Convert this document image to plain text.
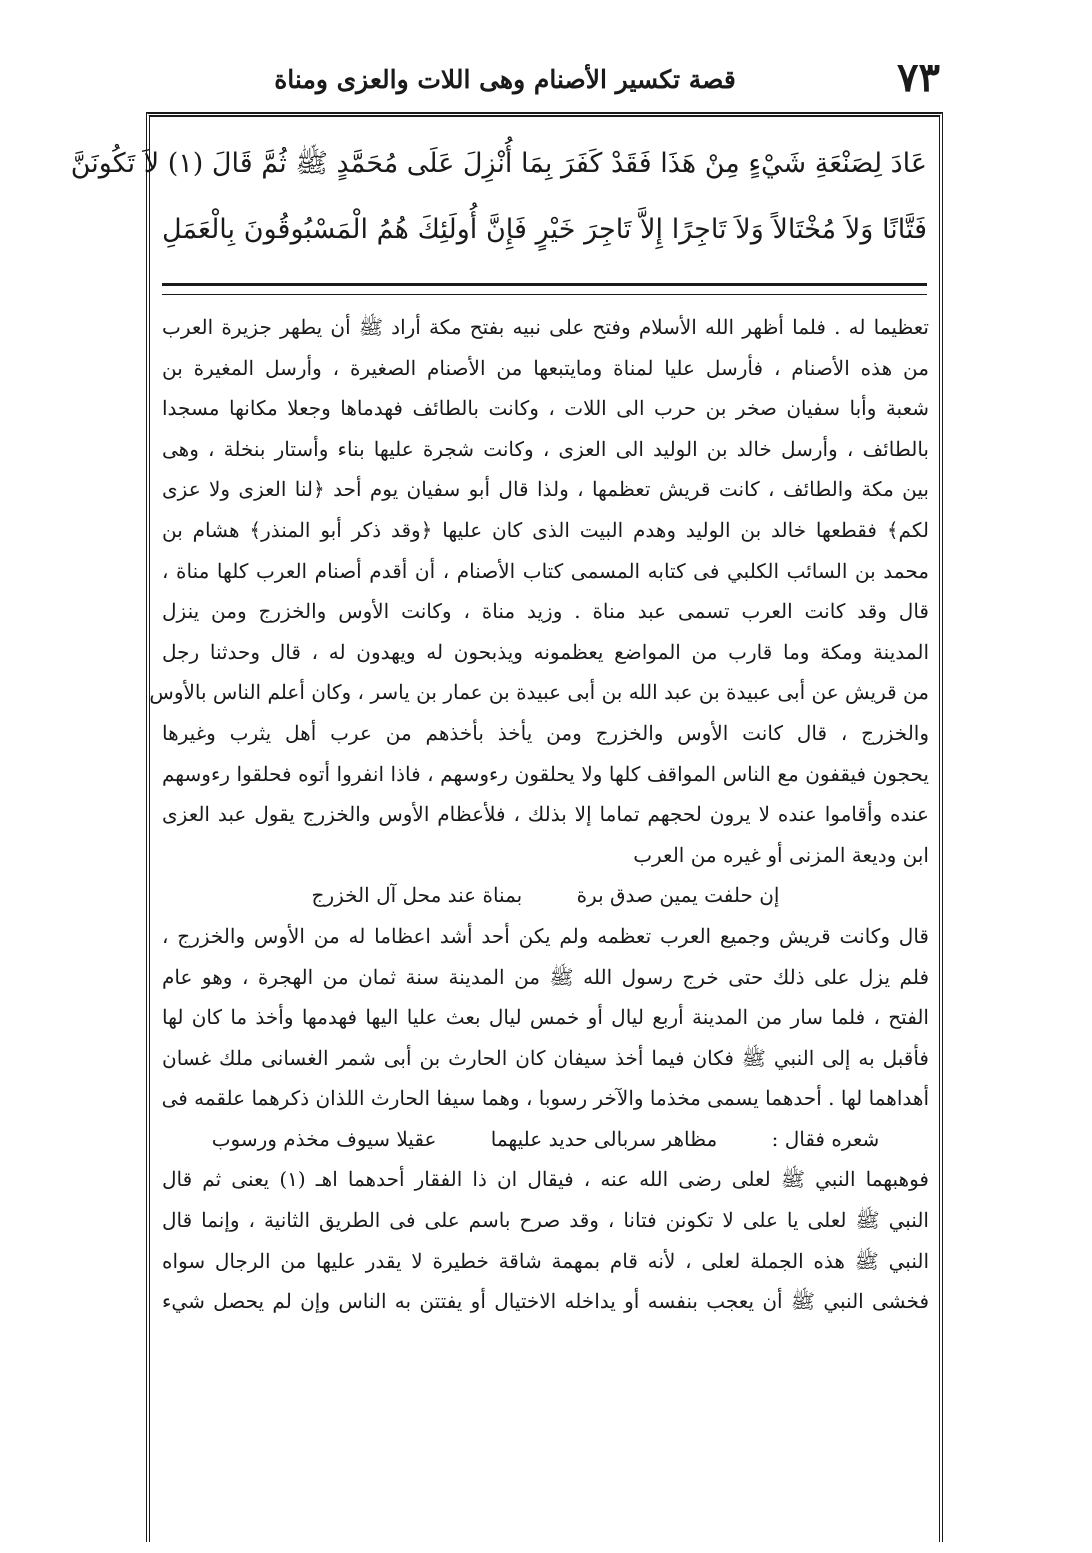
٧٣
قصة تكسير الأصنام وهى اللات والعزى ومناة
عَادَ لِصَنْعَةِ شَيْءٍ مِنْ هَذَا فَقَدْ كَفَرَ بِمَا أُنْزِلَ عَلَى مُحَمَّدٍ ﷺ ثُمَّ قَالَ (١) لاَ تَكُونَنَّ
فَتَّانًا وَلاَ مُخْتَالاً وَلاَ تَاجِرًا إِلاَّ تَاجِرَ خَيْرٍ فَإِنَّ أُولَئِكَ هُمُ الْمَسْبُوقُونَ بِالْعَمَلِ
تعظيما له . فلما أظهر الله الأسلام وفتح على نبيه بفتح مكة أراد ﷺ أن يطهر جزيرة العرب
من هذه الأصنام ، فأرسل عليا لمناة ومايتبعها من الأصنام الصغيرة ، وأرسل المغيرة بن
شعبة وأبا سفيان صخر بن حرب الى اللات ، وكانت بالطائف فهدماها وجعلا مكانها مسجدا
بالطائف ، وأرسل خالد بن الوليد الى العزى ، وكانت شجرة عليها بناء وأستار بنخلة ، وهى
بين مكة والطائف ، كانت قريش تعظمها ، ولذا قال أبو سفيان يوم أحد ﴿لنا العزى ولا عزى
لكم﴾ فقطعها خالد بن الوليد وهدم البيت الذى كان عليها ﴿وقد ذكر أبو المنذر﴾ هشام بن
محمد بن السائب الكلبي فى كتابه المسمى كتاب الأصنام ، أن أقدم أصنام العرب كلها مناة ،
قال وقد كانت العرب تسمى عبد مناة . وزيد مناة ، وكانت الأوس والخزرج ومن ينزل
المدينة ومكة وما قارب من المواضع يعظمونه ويذبحون له ويهدون له ، قال وحدثنا رجل
من قريش عن أبى عبيدة بن عبد الله بن أبى عبيدة بن عمار بن ياسر ، وكان أعلم الناس بالأوس
والخزرج ، قال كانت الأوس والخزرج ومن يأخذ بأخذهم من عرب أهل يثرب وغيرها
يحجون فيقفون مع الناس المواقف كلها ولا يحلقون رءوسهم ، فاذا انفروا أتوه فحلقوا رءوسهم
عنده وأقاموا عنده لا يرون لحجهم تماما إلا بذلك ، فلأعظام الأوس والخزرج يقول عبد العزى
ابن وديعة المزنى أو غيره من العرب
إن حلفت يمين صدق برة بمناة عند محل آل الخزرج
قال وكانت قريش وجميع العرب تعظمه ولم يكن أحد أشد اعظاما له من الأوس والخزرج ،
فلم يزل على ذلك حتى خرج رسول الله ﷺ من المدينة سنة ثمان من الهجرة ، وهو عام
الفتح ، فلما سار من المدينة أربع ليال أو خمس ليال بعث عليا اليها فهدمها وأخذ ما كان لها
فأقبل به إلى النبي ﷺ فكان فيما أخذ سيفان كان الحارث بن أبى شمر الغسانى ملك غسان
أهداهما لها . أحدهما يسمى مخذما والآخر رسوبا ، وهما سيفا الحارث اللذان ذكرهما علقمه فى
شعره فقال : مظاهر سربالى حديد عليهما عقيلا سيوف مخذم ورسوب
فوهبهما النبي ﷺ لعلى رضى الله عنه ، فيقال ان ذا الفقار أحدهما اهـ (١) يعنى ثم قال
النبي ﷺ لعلى يا على لا تكونن فتانا ، وقد صرح باسم على فى الطريق الثانية ، وإنما قال
النبي ﷺ هذه الجملة لعلى ، لأنه قام بمهمة شاقة خطيرة لا يقدر عليها من الرجال سواه
فخشى النبي ﷺ أن يعجب بنفسه أو يداخله الاختيال أو يفتتن به الناس وإن لم يحصل شيء
